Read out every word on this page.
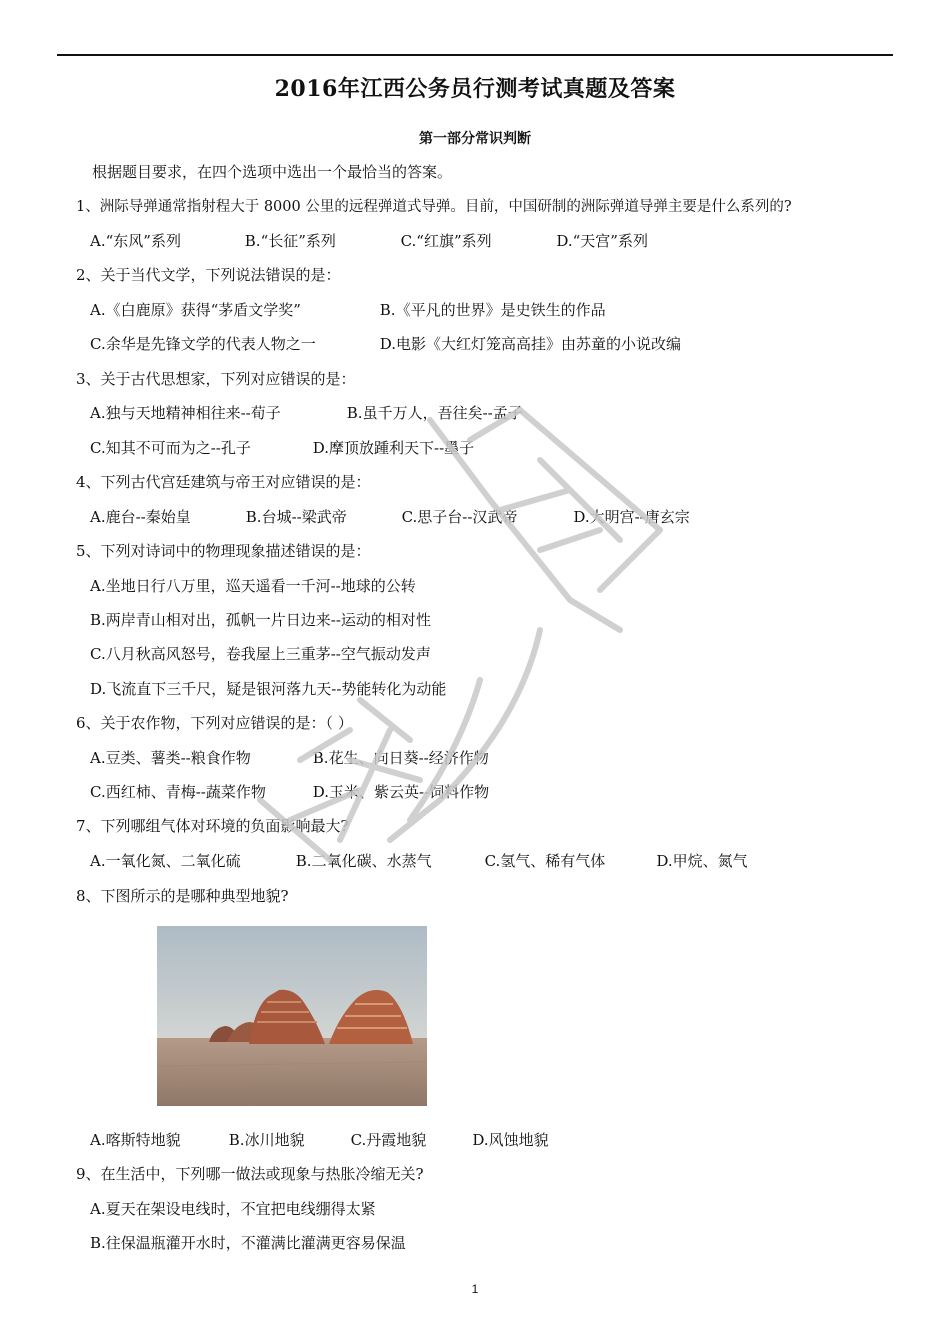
2016年江西公务员行测考试真题及答案
第一部分常识判断
根据题目要求，在四个选项中选出一个最恰当的答案。
1、洲际导弹通常指射程大于 8000 公里的远程弹道式导弹。目前，中国研制的洲际弹道导弹主要是什么系列的?
A.“东风”系列	B.“长征”系列	C.“红旗”系列	D.“天宫”系列
2、关于当代文学，下列说法错误的是：
A.《白鹿原》获得“茅盾文学奖”	B.《平凡的世界》是史铁生的作品
C.余华是先锋文学的代表人物之一	D.电影《大红灯笼高高挂》由苏童的小说改编
3、关于古代思想家，下列对应错误的是：
A.独与天地精神相往来--荀子	B.虽千万人，吾往矣--孟子
C.知其不可而为之--孔子	D.摩顶放踵利天下--墨子
4、下列古代宫廷建筑与帝王对应错误的是：
A.鹿台--秦始皇	B.台城--梁武帝	C.思子台--汉武帝	D.大明宫--唐玄宗
5、下列对诗词中的物理现象描述错误的是：
A.坐地日行八万里，巡天遥看一千河--地球的公转
B.两岸青山相对出，孤帆一片日边来--运动的相对性
C.八月秋高风怒号，卷我屋上三重茅--空气振动发声
D.飞流直下三千尺，疑是银河落九天--势能转化为动能
6、关于农作物，下列对应错误的是：（ ）
A.豆类、薯类--粮食作物	B.花生、向日葵--经济作物
C.西红柿、青梅--蔬菜作物	D.玉米、紫云英--饲料作物
7、下列哪组气体对环境的负面影响最大?
A.一氧化氮、二氧化硫	B.二氧化碳、水蒸气	C.氢气、稀有气体	D.甲烷、氮气
8、下图所示的是哪种典型地貌?
A.喀斯特地貌	B.冰川地貌	C.丹霞地貌	D.风蚀地貌
9、在生活中，下列哪一做法或现象与热胀冷缩无关?
A.夏天在架设电线时，不宜把电线绷得太紧
B.往保温瓶灌开水时，不灌满比灌满更容易保温
1
